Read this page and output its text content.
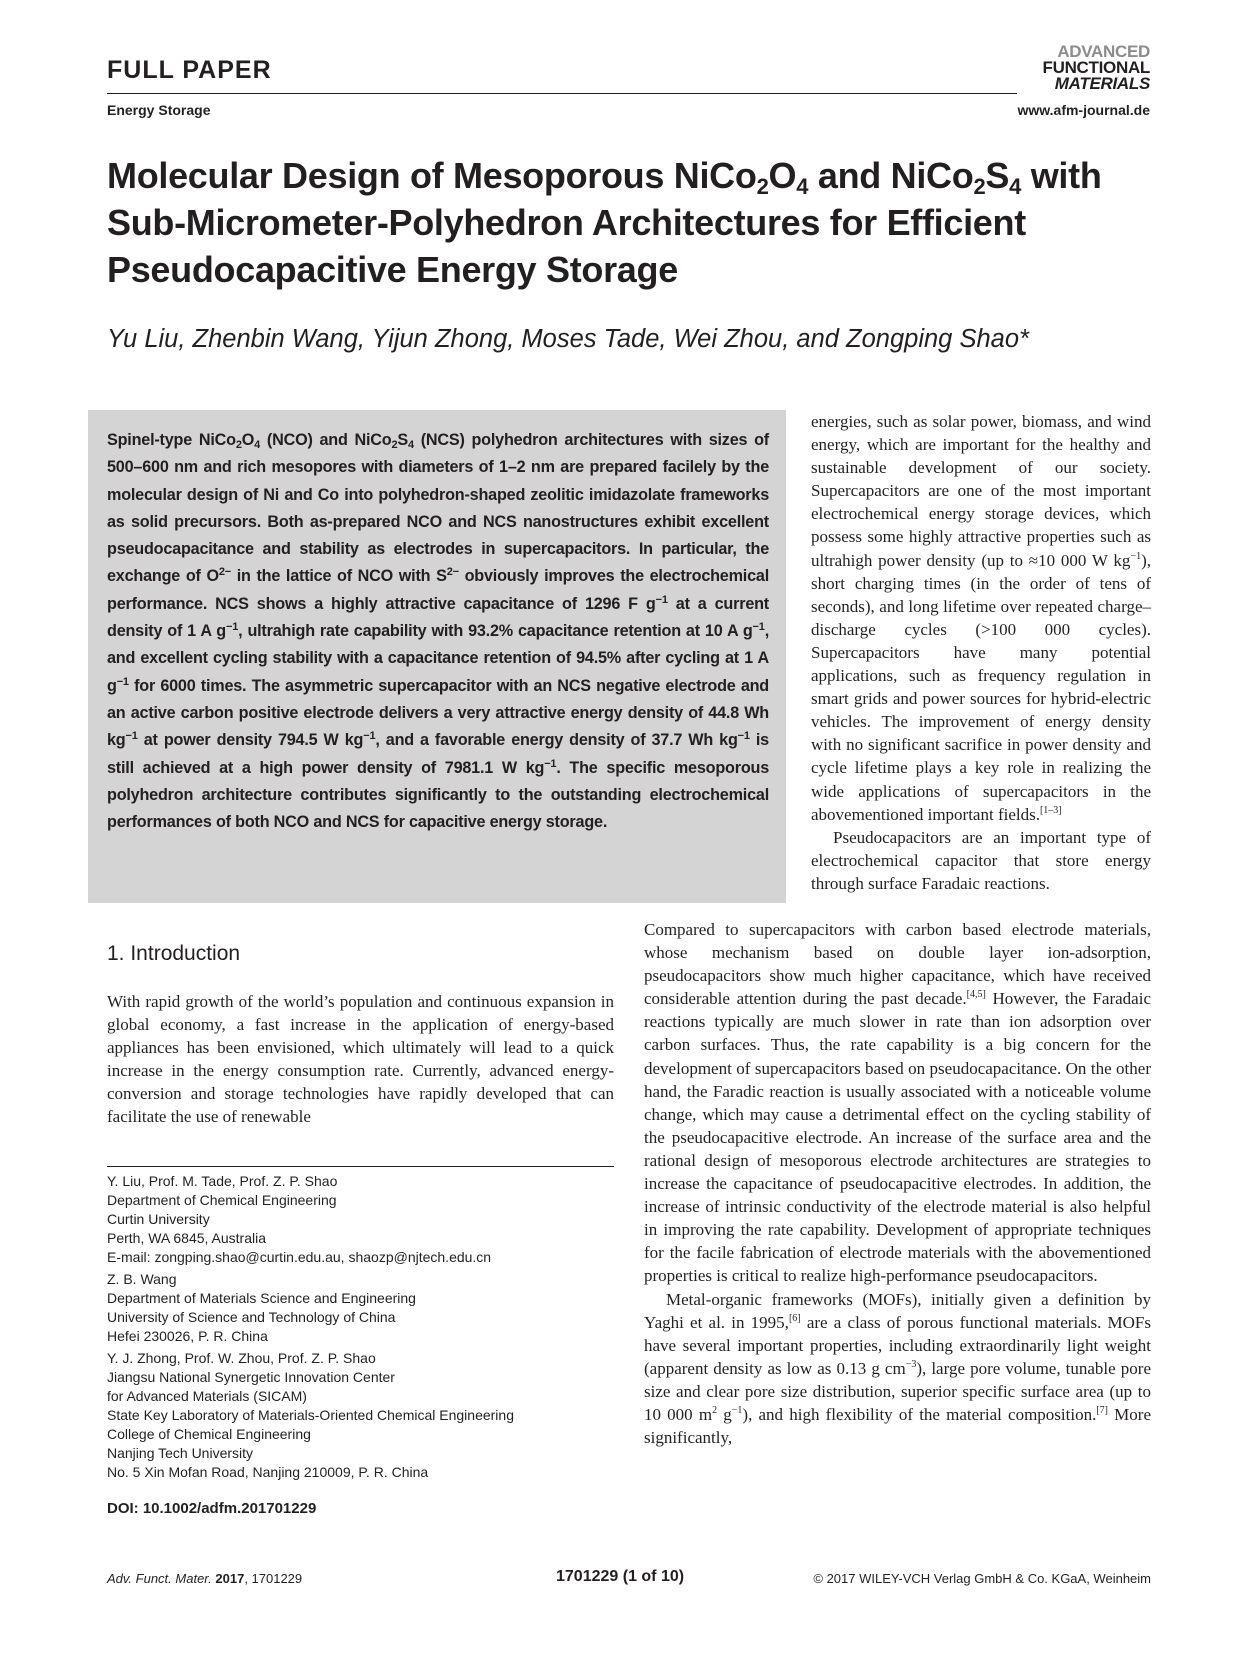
FULL PAPER
Energy Storage
ADVANCED
FUNCTIONAL
MATERIALS
www.afm-journal.de
Molecular Design of Mesoporous $NiCo_2O_4$ and $NiCo_2S_4$ with Sub-Micrometer-Polyhedron Architectures for Efficient Pseudocapacitive Energy Storage
Yu Liu, Zhenbin Wang, Yijun Zhong, Moses Tade, Wei Zhou, and Zongping Shao*
Spinel-type $NiCo_2O_4$ (NCO) and $NiCo_2S_4$ (NCS) polyhedron architectures with sizes of 500–600 nm and rich mesopores with diameters of 1–2 nm are prepared facilely by the molecular design of Ni and Co into polyhedron-shaped zeolitic imidazolate frameworks as solid precursors. Both as-prepared NCO and NCS nanostructures exhibit excellent pseudocapacitance and stability as electrodes in supercapacitors. In particular, the exchange of $O^{2-}$ in the lattice of NCO with $S^{2-}$ obviously improves the electrochemical performance. NCS shows a highly attractive capacitance of 1296 F $g^{-1}$ at a current density of 1 A $g^{-1}$, ultrahigh rate capability with 93.2% capacitance retention at 10 A $g^{-1}$, and excellent cycling stability with a capacitance retention of 94.5% after cycling at 1 A $g^{-1}$ for 6000 times. The asymmetric supercapacitor with an NCS negative electrode and an active carbon positive electrode delivers a very attractive energy density of 44.8 Wh $kg^{-1}$ at power density 794.5 W $kg^{-1}$, and a favorable energy density of 37.7 Wh $kg^{-1}$ is still achieved at a high power density of 7981.1 W $kg^{-1}$. The specific mesoporous polyhedron architecture contributes significantly to the outstanding electrochemical performances of both NCO and NCS for capacitive energy storage.

energies, such as solar power, biomass, and wind energy, which are important for the healthy and sustainable development of our society. Supercapacitors are one of the most important electrochemical energy storage devices, which possess some highly attractive properties such as ultrahigh power density (up to ≈10 000 W $kg^{-1}$), short charging times (in the order of tens of seconds), and long lifetime over repeated charge–discharge cycles (>100 000 cycles). Supercapacitors have many potential applications, such as frequency regulation in smart grids and power sources for hybrid-electric vehicles. The improvement of energy density with no significant sacrifice in power density and cycle lifetime plays a key role in realizing the wide applications of supercapacitors in the abovementioned important fields.[1–3]

Pseudocapacitors are an important type of electrochemical capacitor that store energy through surface Faradaic reactions.

1. Introduction

With rapid growth of the world’s population and continuous expansion in global economy, a fast increase in the application of energy-based appliances has been envisioned, which ultimately will lead to a quick increase in the energy consumption rate. Currently, advanced energy-conversion and storage technologies have rapidly developed that can facilitate the use of renewable

Compared to supercapacitors with carbon based electrode materials, whose mechanism based on double layer ion-adsorption, pseudocapacitors show much higher capacitance, which have received considerable attention during the past decade.[4,5] However, the Faradaic reactions typically are much slower in rate than ion adsorption over carbon surfaces. Thus, the rate capability is a big concern for the development of supercapacitors based on pseudocapacitance. On the other hand, the Faradic reaction is usually associated with a noticeable volume change, which may cause a detrimental effect on the cycling stability of the pseudocapacitive electrode. An increase of the surface area and the rational design of mesoporous electrode architectures are strategies to increase the capacitance of pseudocapacitive electrodes. In addition, the increase of intrinsic conductivity of the electrode material is also helpful in improving the rate capability. Development of appropriate techniques for the facile fabrication of electrode materials with the abovementioned properties is critical to realize high-performance pseudocapacitors.

Metal-organic frameworks (MOFs), initially given a definition by Yaghi et al. in 1995,[6] are a class of porous functional materials. MOFs have several important properties, including extraordinarily light weight (apparent density as low as 0.13 g $cm^{-3}$), large pore volume, tunable pore size and clear pore size distribution, superior specific surface area (up to 10 000 $m^2$ $g^{-1}$), and high flexibility of the material composition.[7] More significantly,

Y. Liu, Prof. M. Tade, Prof. Z. P. Shao
Department of Chemical Engineering
Curtin University
Perth, WA 6845, Australia
E-mail: zongping.shao@curtin.edu.au, shaozp@njtech.edu.cn
Z. B. Wang
Department of Materials Science and Engineering
University of Science and Technology of China
Hefei 230026, P. R. China
Y. J. Zhong, Prof. W. Zhou, Prof. Z. P. Shao
Jiangsu National Synergetic Innovation Center
for Advanced Materials (SICAM)
State Key Laboratory of Materials-Oriented Chemical Engineering
College of Chemical Engineering
Nanjing Tech University
No. 5 Xin Mofan Road, Nanjing 210009, P. R. China
DOI: 10.1002/adfm.201701229
Adv. Funct. Mater. 2017, 1701229	1701229 (1 of 10)	© 2017 WILEY-VCH Verlag GmbH & Co. KGaA, Weinheim
